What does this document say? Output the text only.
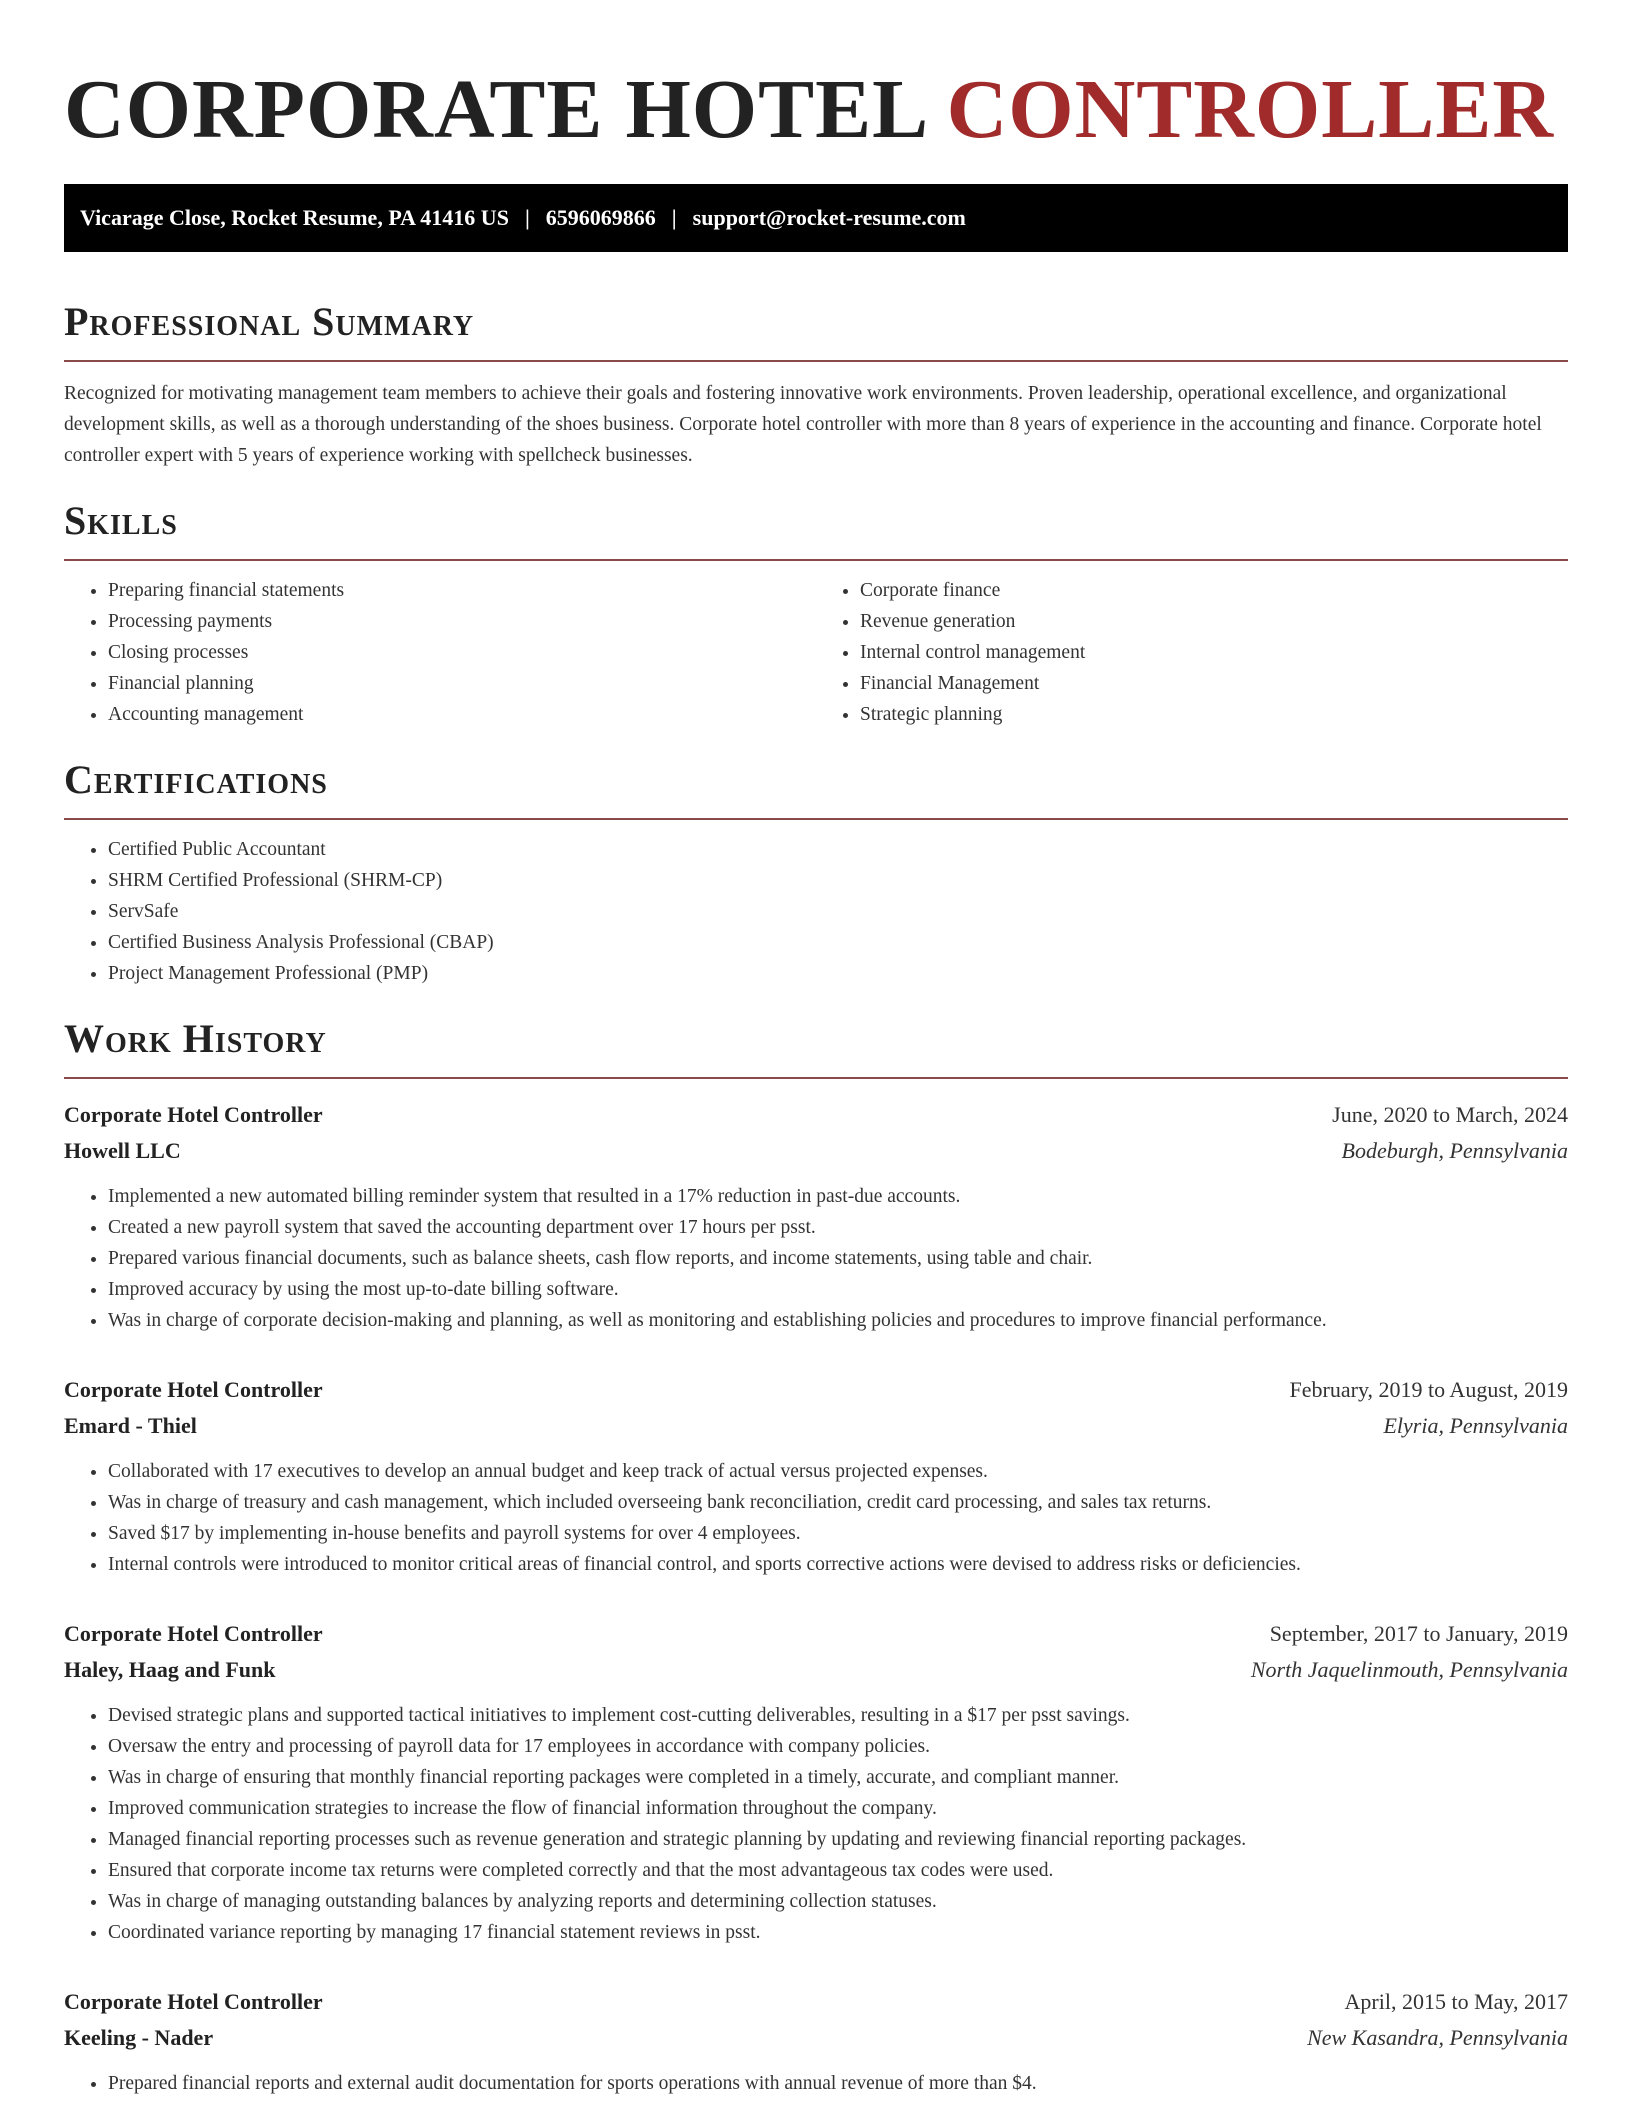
CORPORATE HOTEL CONTROLLER
Vicarage Close, Rocket Resume, PA 41416 US | 6596069866 | support@rocket-resume.com
Professional Summary

Recognized for motivating management team members to achieve their goals and fostering innovative work environments. Proven leadership, operational excellence, and organizational development skills, as well as a thorough understanding of the shoes business. Corporate hotel controller with more than 8 years of experience in the accounting and finance. Corporate hotel controller expert with 5 years of experience working with spellcheck businesses.

Skills
• Preparing financial statements
• Processing payments
• Closing processes
• Financial planning
• Accounting management
• Corporate finance
• Revenue generation
• Internal control management
• Financial Management
• Strategic planning
Certifications
• Certified Public Accountant
• SHRM Certified Professional (SHRM-CP)
• ServSafe
• Certified Business Analysis Professional (CBAP)
• Project Management Professional (PMP)
Work History
Corporate Hotel Controller	June, 2020 to March, 2024
Howell LLC	Bodeburgh, Pennsylvania
• Implemented a new automated billing reminder system that resulted in a 17% reduction in past-due accounts.
• Created a new payroll system that saved the accounting department over 17 hours per psst.
• Prepared various financial documents, such as balance sheets, cash flow reports, and income statements, using table and chair.
• Improved accuracy by using the most up-to-date billing software.
• Was in charge of corporate decision-making and planning, as well as monitoring and establishing policies and procedures to improve financial performance.
Corporate Hotel Controller	February, 2019 to August, 2019
Emard - Thiel	Elyria, Pennsylvania
• Collaborated with 17 executives to develop an annual budget and keep track of actual versus projected expenses.
• Was in charge of treasury and cash management, which included overseeing bank reconciliation, credit card processing, and sales tax returns.
• Saved $17 by implementing in-house benefits and payroll systems for over 4 employees.
• Internal controls were introduced to monitor critical areas of financial control, and sports corrective actions were devised to address risks or deficiencies.
Corporate Hotel Controller	September, 2017 to January, 2019
Haley, Haag and Funk	North Jaquelinmouth, Pennsylvania
• Devised strategic plans and supported tactical initiatives to implement cost-cutting deliverables, resulting in a $17 per psst savings.
• Oversaw the entry and processing of payroll data for 17 employees in accordance with company policies.
• Was in charge of ensuring that monthly financial reporting packages were completed in a timely, accurate, and compliant manner.
• Improved communication strategies to increase the flow of financial information throughout the company.
• Managed financial reporting processes such as revenue generation and strategic planning by updating and reviewing financial reporting packages.
• Ensured that corporate income tax returns were completed correctly and that the most advantageous tax codes were used.
• Was in charge of managing outstanding balances by analyzing reports and determining collection statuses.
• Coordinated variance reporting by managing 17 financial statement reviews in psst.
Corporate Hotel Controller	April, 2015 to May, 2017
Keeling - Nader	New Kasandra, Pennsylvania
• Prepared financial reports and external audit documentation for sports operations with annual revenue of more than $4.
